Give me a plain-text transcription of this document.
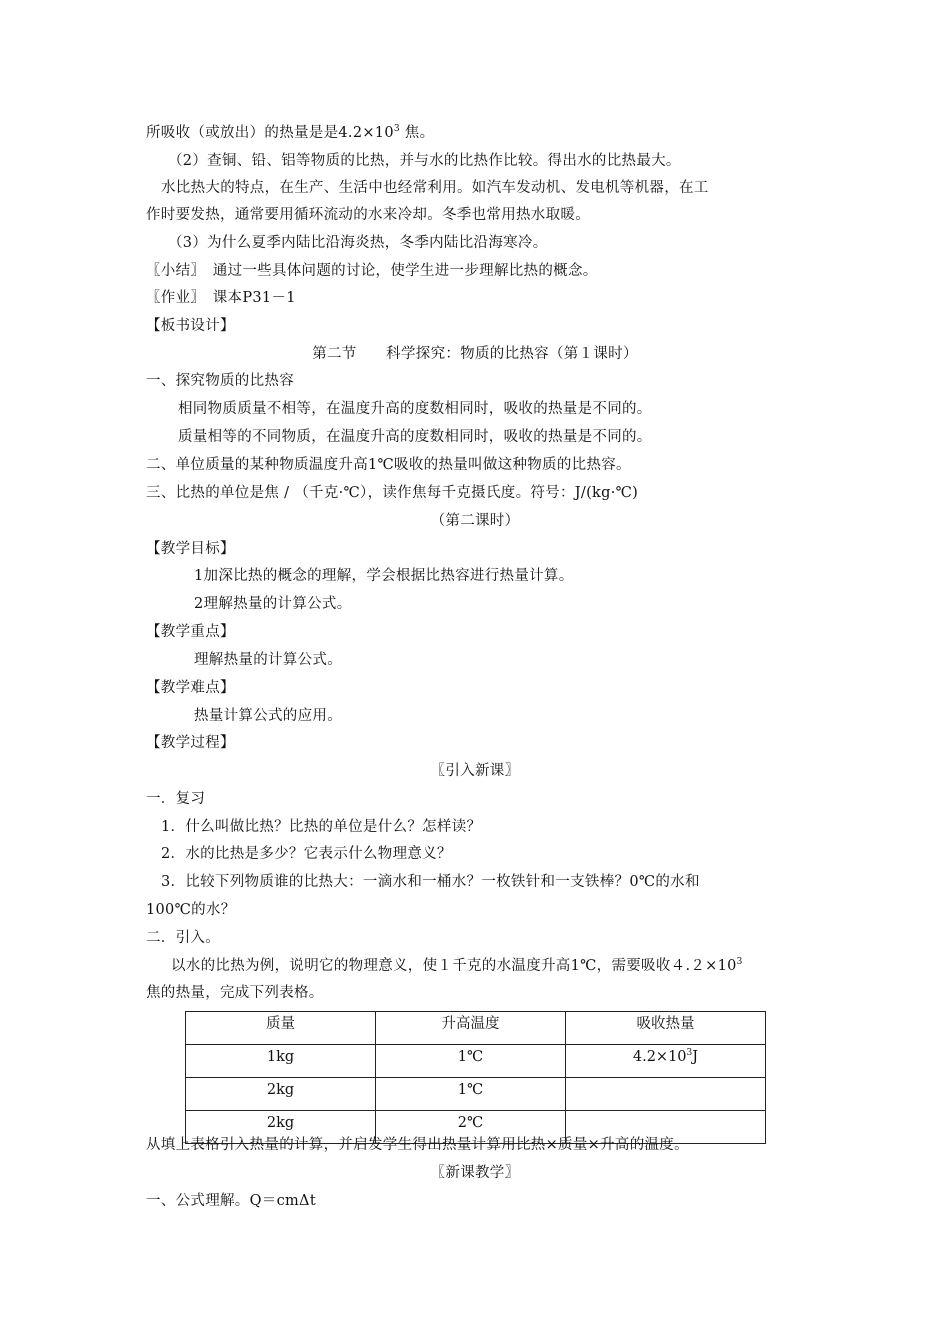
所吸收（或放出）的热量是是$4.2\times 10^3$ 焦。
（2）查铜、铅、铝等物质的比热，并与水的比热作比较。得出水的比热最大。
水比热大的特点，在生产、生活中也经常利用。如汽车发动机、发电机等机器，在工
作时要发热，通常要用循环流动的水来冷却。冬季也常用热水取暖。
（3）为什么夏季内陆比沿海炎热，冬季内陆比沿海寒冷。
〖小结〗　通过一些具体问题的讨论，使学生进一步理解比热的概念。
〖作业〗　课本P31－1
【板书设计】
第二节　　科学探究：物质的比热容（第１课时）
一、探究物质的比热容
相同物质质量不相等，在温度升高的度数相同时，吸收的热量是不同的。
质量相等的不同物质，在温度升高的度数相同时，吸收的热量是不同的。
二、单位质量的某种物质温度升高1℃吸收的热量叫做这种物质的比热容。
三、比热的单位是焦 / （千克·℃），读作焦每千克摄氏度。符号：J/(kg·℃)
（第二课时）
【教学目标】
1加深比热的概念的理解，学会根据比热容进行热量计算。
2理解热量的计算公式。
【教学重点】
理解热量的计算公式。
【教学难点】
热量计算公式的应用。
【教学过程】
〖引入新课〗
一．复习
1．什么叫做比热？比热的单位是什么？怎样读？
2．水的比热是多少？它表示什么物理意义？
3．比较下列物质谁的比热大：一滴水和一桶水？一枚铁针和一支铁棒？0℃的水和
100℃的水？
二．引入。
以水的比热为例，说明它的物理意义，使１千克的水温度升高1℃，需要吸收$4.2\times 10^3$
焦的热量，完成下列表格。
质量	升高温度	吸收热量
1kg	1℃	$4.2\times 10^3J$
2kg	1℃	
2kg	2℃	
从填上表格引入热量的计算，并启发学生得出热量计算用比热×质量×升高的温度。
〖新课教学〗
一、公式理解。Q＝cmΔt
